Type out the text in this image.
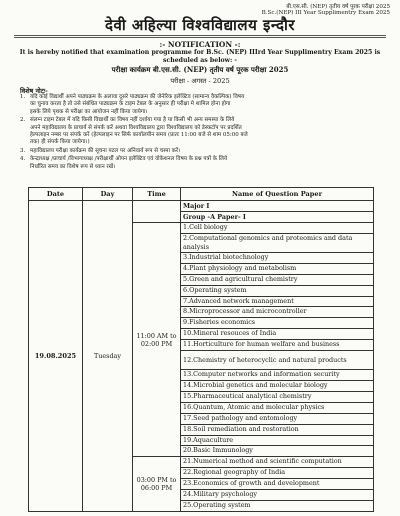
बी.एस.सी. (NEP) तृतीय वर्ष पूरक परीक्षा 2025
B.Sc.(NEP) III Year Supplimentry Exam 2025
देवी अहिल्या विश्वविद्यालय इन्दौर
:- NOTIFICATION -:
It is hereby notified that examination programme for B.Sc. (NEP) IIIrd Year Supplimentry Exam 2025 is
scheduled as below: -
परीक्षा कार्यक्रम बी.एस.सी. (NEP) तृतीय वर्ष पूरक परीक्षा 2025
परीक्षा - अगस्त - 2025
विशेष नोटः-
1. यदि कोई विद्यार्थी अपने पाठ्यक्रम के अलावा दूसरे पाठ्यक्रम की जेनेरिक इलेक्टिव (सामान्य वैकल्पिक) विषय
का चुनाव करता है तो उसे संबंधित पाठ्यक्रम के टाइम टेबल के अनुसार ही परीक्षा मे शामिल होना होगा
इसके लिये पृथक से परीक्षा का आयोजन नहीं किया जायेगा।
2. संलग्न टाइम टेबल में यदि किसी विद्यार्थी का विषय नहीं दर्शाया गया है या किसी भी अन्य समस्या के लिये
अपने महाविद्यालय के प्राचार्य से संपर्क करें अथवा विश्वविद्यालय द्वारा विश्वविद्यालय को डेस्कटॉप पर प्रदर्शित
हेल्पलाइन नम्बर पर संपर्क करें (हेल्पलाइन पर सिर्फ कार्यालयीन समय (प्रातः 11:00 बजे से शाम 05:00 बजे
तक) ही संपर्क किया जायेगा।)
3. महाविद्यालय परीक्षा कार्यक्रम की सूचना पटल पर अनिवार्य रूप से चस्पा करें।
4. केन्द्राध्यक्ष /प्राचार्य /विभागाध्यक्ष /परीक्षार्थी ओपन इलेक्टिव एवं वोकेशनल विषय के प्रश्न पत्रों के लिये
निर्धारित समय का विशेष रूप से ध्यान रखें।
Date	Day	Time	Name of Question Paper
19.08.2025	Tuesday		Major I
			Group -A Paper- I
		11:00 AM to 02:00 PM	1.Cell biology
			2.Computational genomics and proteomics and data analysis
			3.Industrial biotechnology
			4.Plant physiology and metabolism
			5.Green and agricultural chemistry
			6.Operating system
			7.Advanced network management
			8.Microprocessor and microcontroller
			9.Fisheries economics
			10.Mineral resouces of India
			11.Horticulture for human welfare and business
			12.Chemistry of heterocyclic and natural products
			13.Computer networks and information security
			14.Microbial genetics and molecular biology
			15.Pharmaceutical analytical chemistry
			16.Quantum, Atomic and molecular physics
			17.Seed pathology and entomology
			18.Soil remediation and restoration
			19.Aquaculture
			20.Basic Immunology
		03:00 PM to 06:00 PM	21.Numerical method and scientific computation
			22.Regional geography of India
			23.Economics of growth and development
			24.Military psychology
			25.Operating system
